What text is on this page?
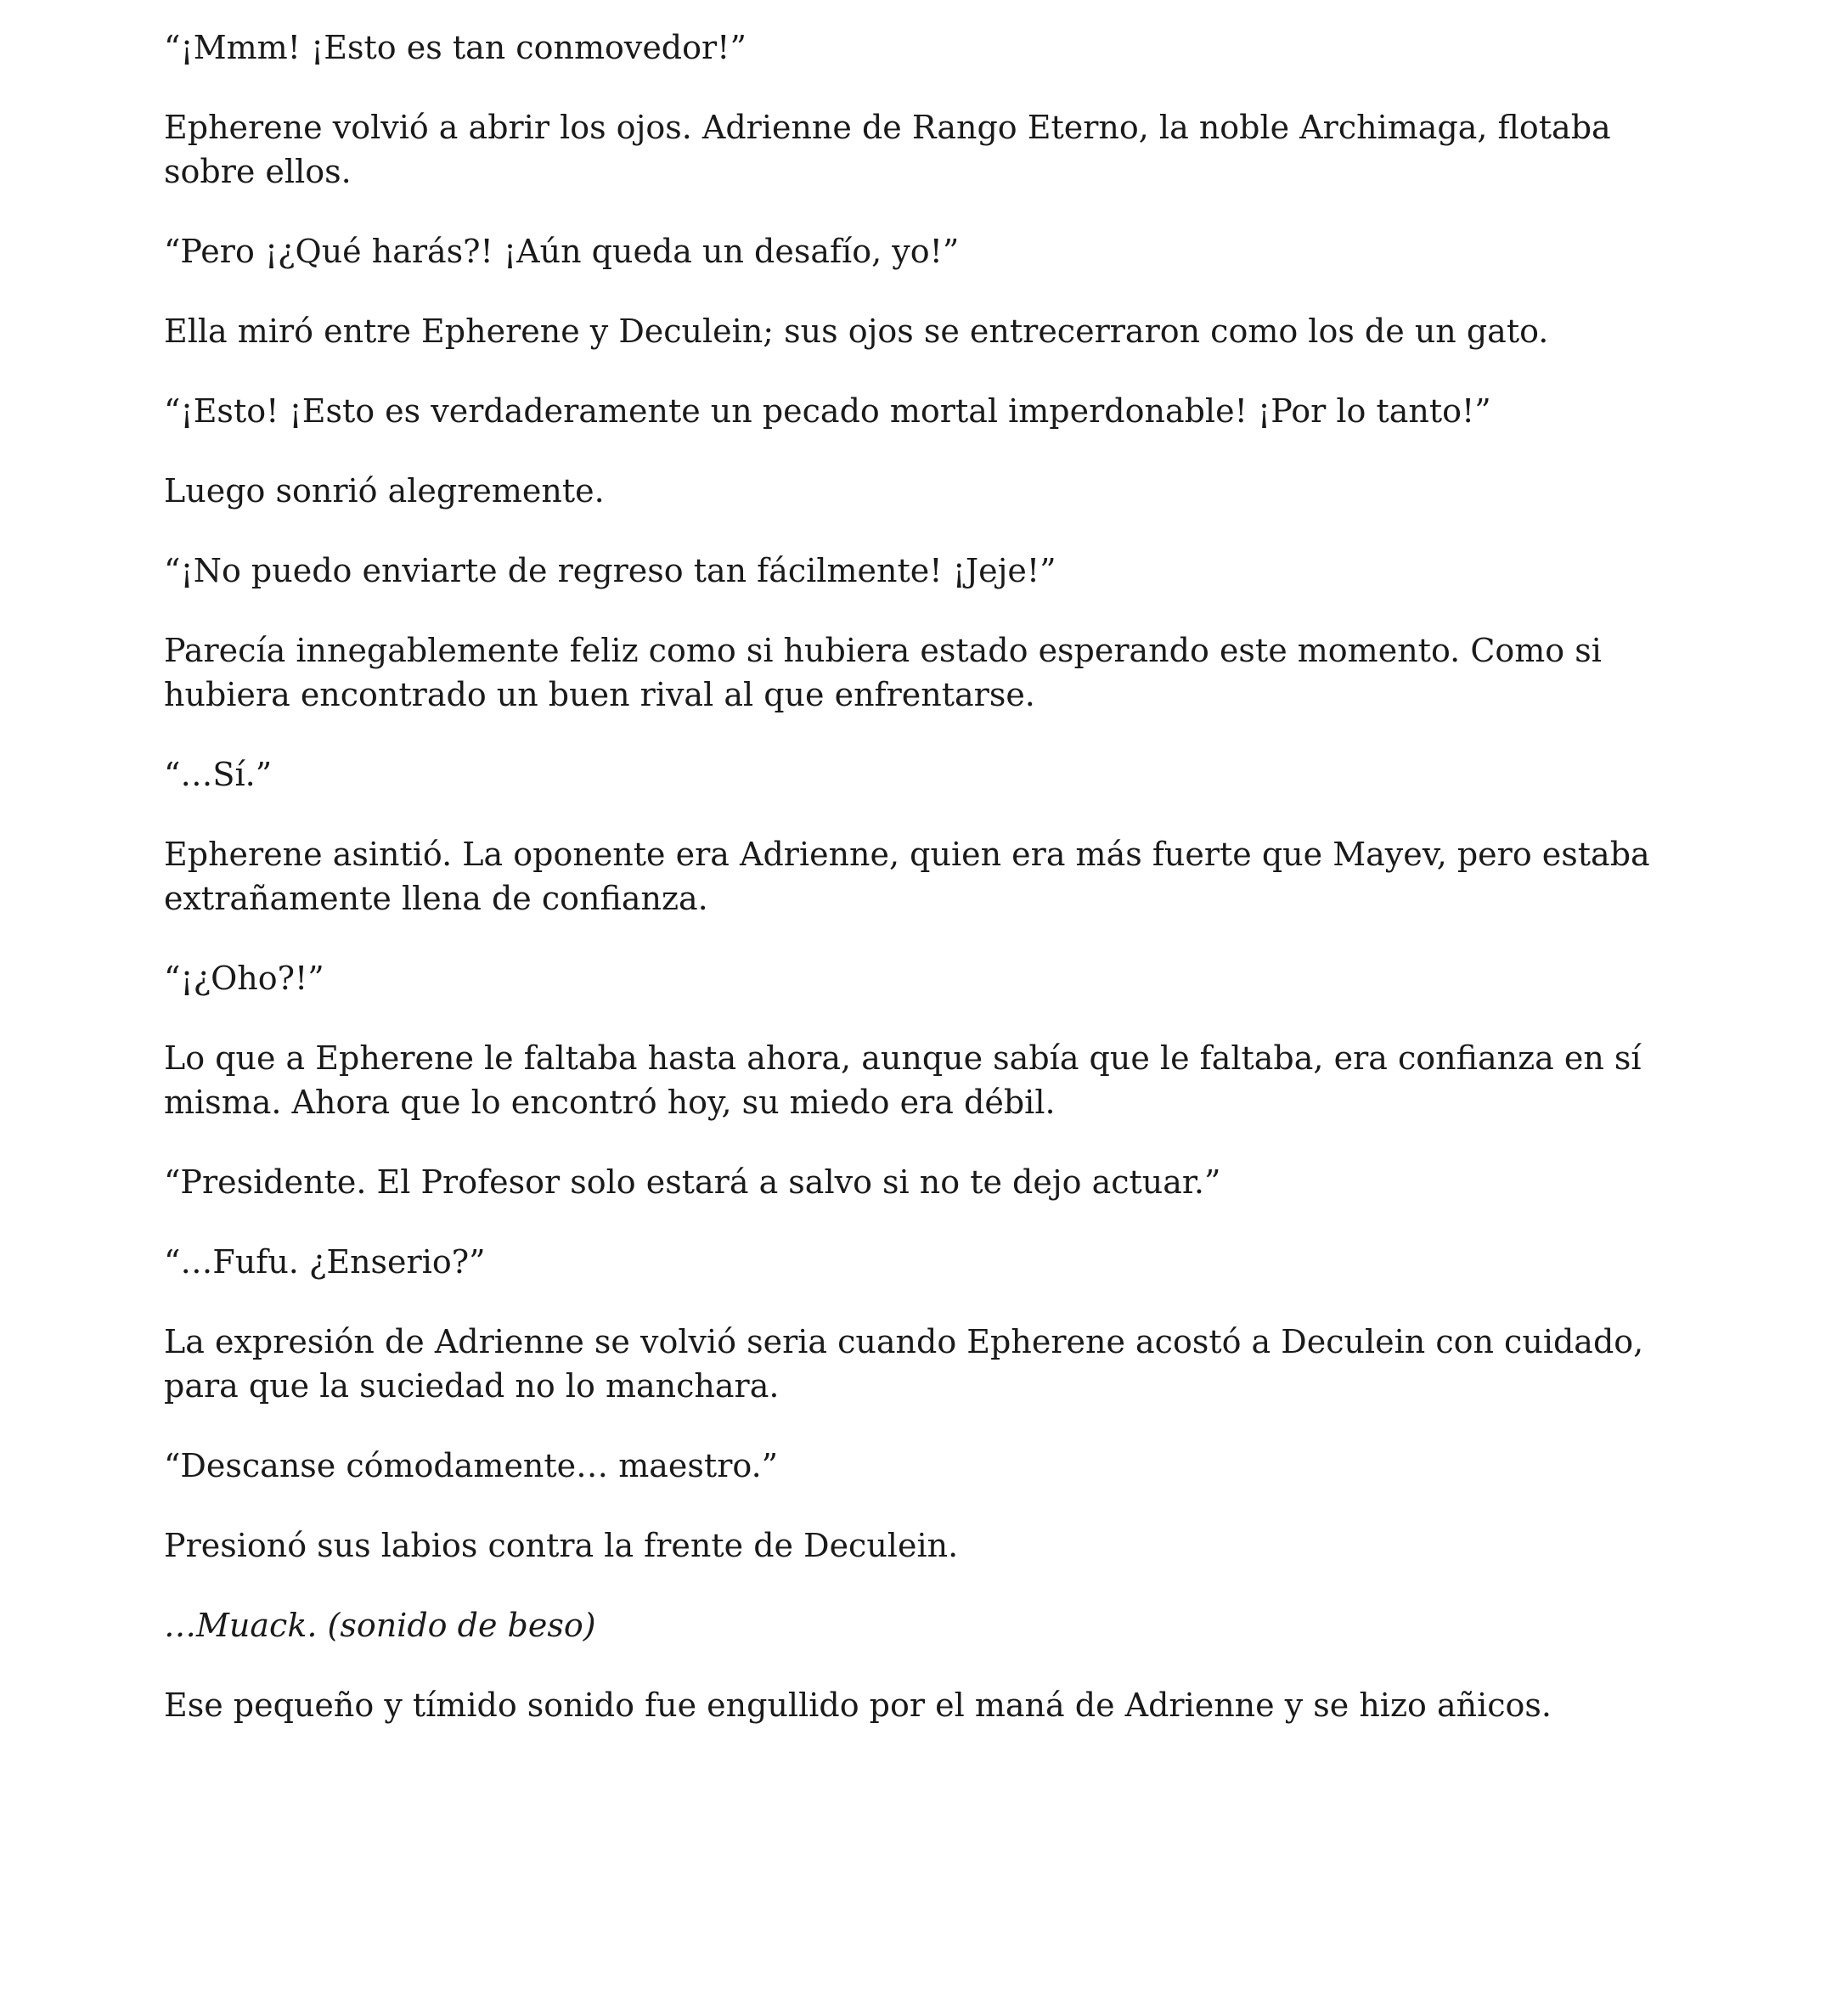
“¡Mmm! ¡Esto es tan conmovedor!”

Epherene volvió a abrir los ojos. Adrienne de Rango Eterno, la noble Archimaga, flotaba sobre ellos.

“Pero ¡¿Qué harás?! ¡Aún queda un desafío, yo!”

Ella miró entre Epherene y Deculein; sus ojos se entrecerraron como los de un gato.

“¡Esto! ¡Esto es verdaderamente un pecado mortal imperdonable! ¡Por lo tanto!”

Luego sonrió alegremente.

“¡No puedo enviarte de regreso tan fácilmente! ¡Jeje!”

Parecía innegablemente feliz como si hubiera estado esperando este momento. Como si hubiera encontrado un buen rival al que enfrentarse.

“…Sí.”

Epherene asintió. La oponente era Adrienne, quien era más fuerte que Mayev, pero estaba extrañamente llena de confianza.

“¡¿Oho?!”

Lo que a Epherene le faltaba hasta ahora, aunque sabía que le faltaba, era confianza en sí misma. Ahora que lo encontró hoy, su miedo era débil.

“Presidente. El Profesor solo estará a salvo si no te dejo actuar.”

“…Fufu. ¿Enserio?”

La expresión de Adrienne se volvió seria cuando Epherene acostó a Deculein con cuidado, para que la suciedad no lo manchara.

“Descanse cómodamente… maestro.”

Presionó sus labios contra la frente de Deculein.

…Muack. (sonido de beso)

Ese pequeño y tímido sonido fue engullido por el maná de Adrienne y se hizo añicos.
